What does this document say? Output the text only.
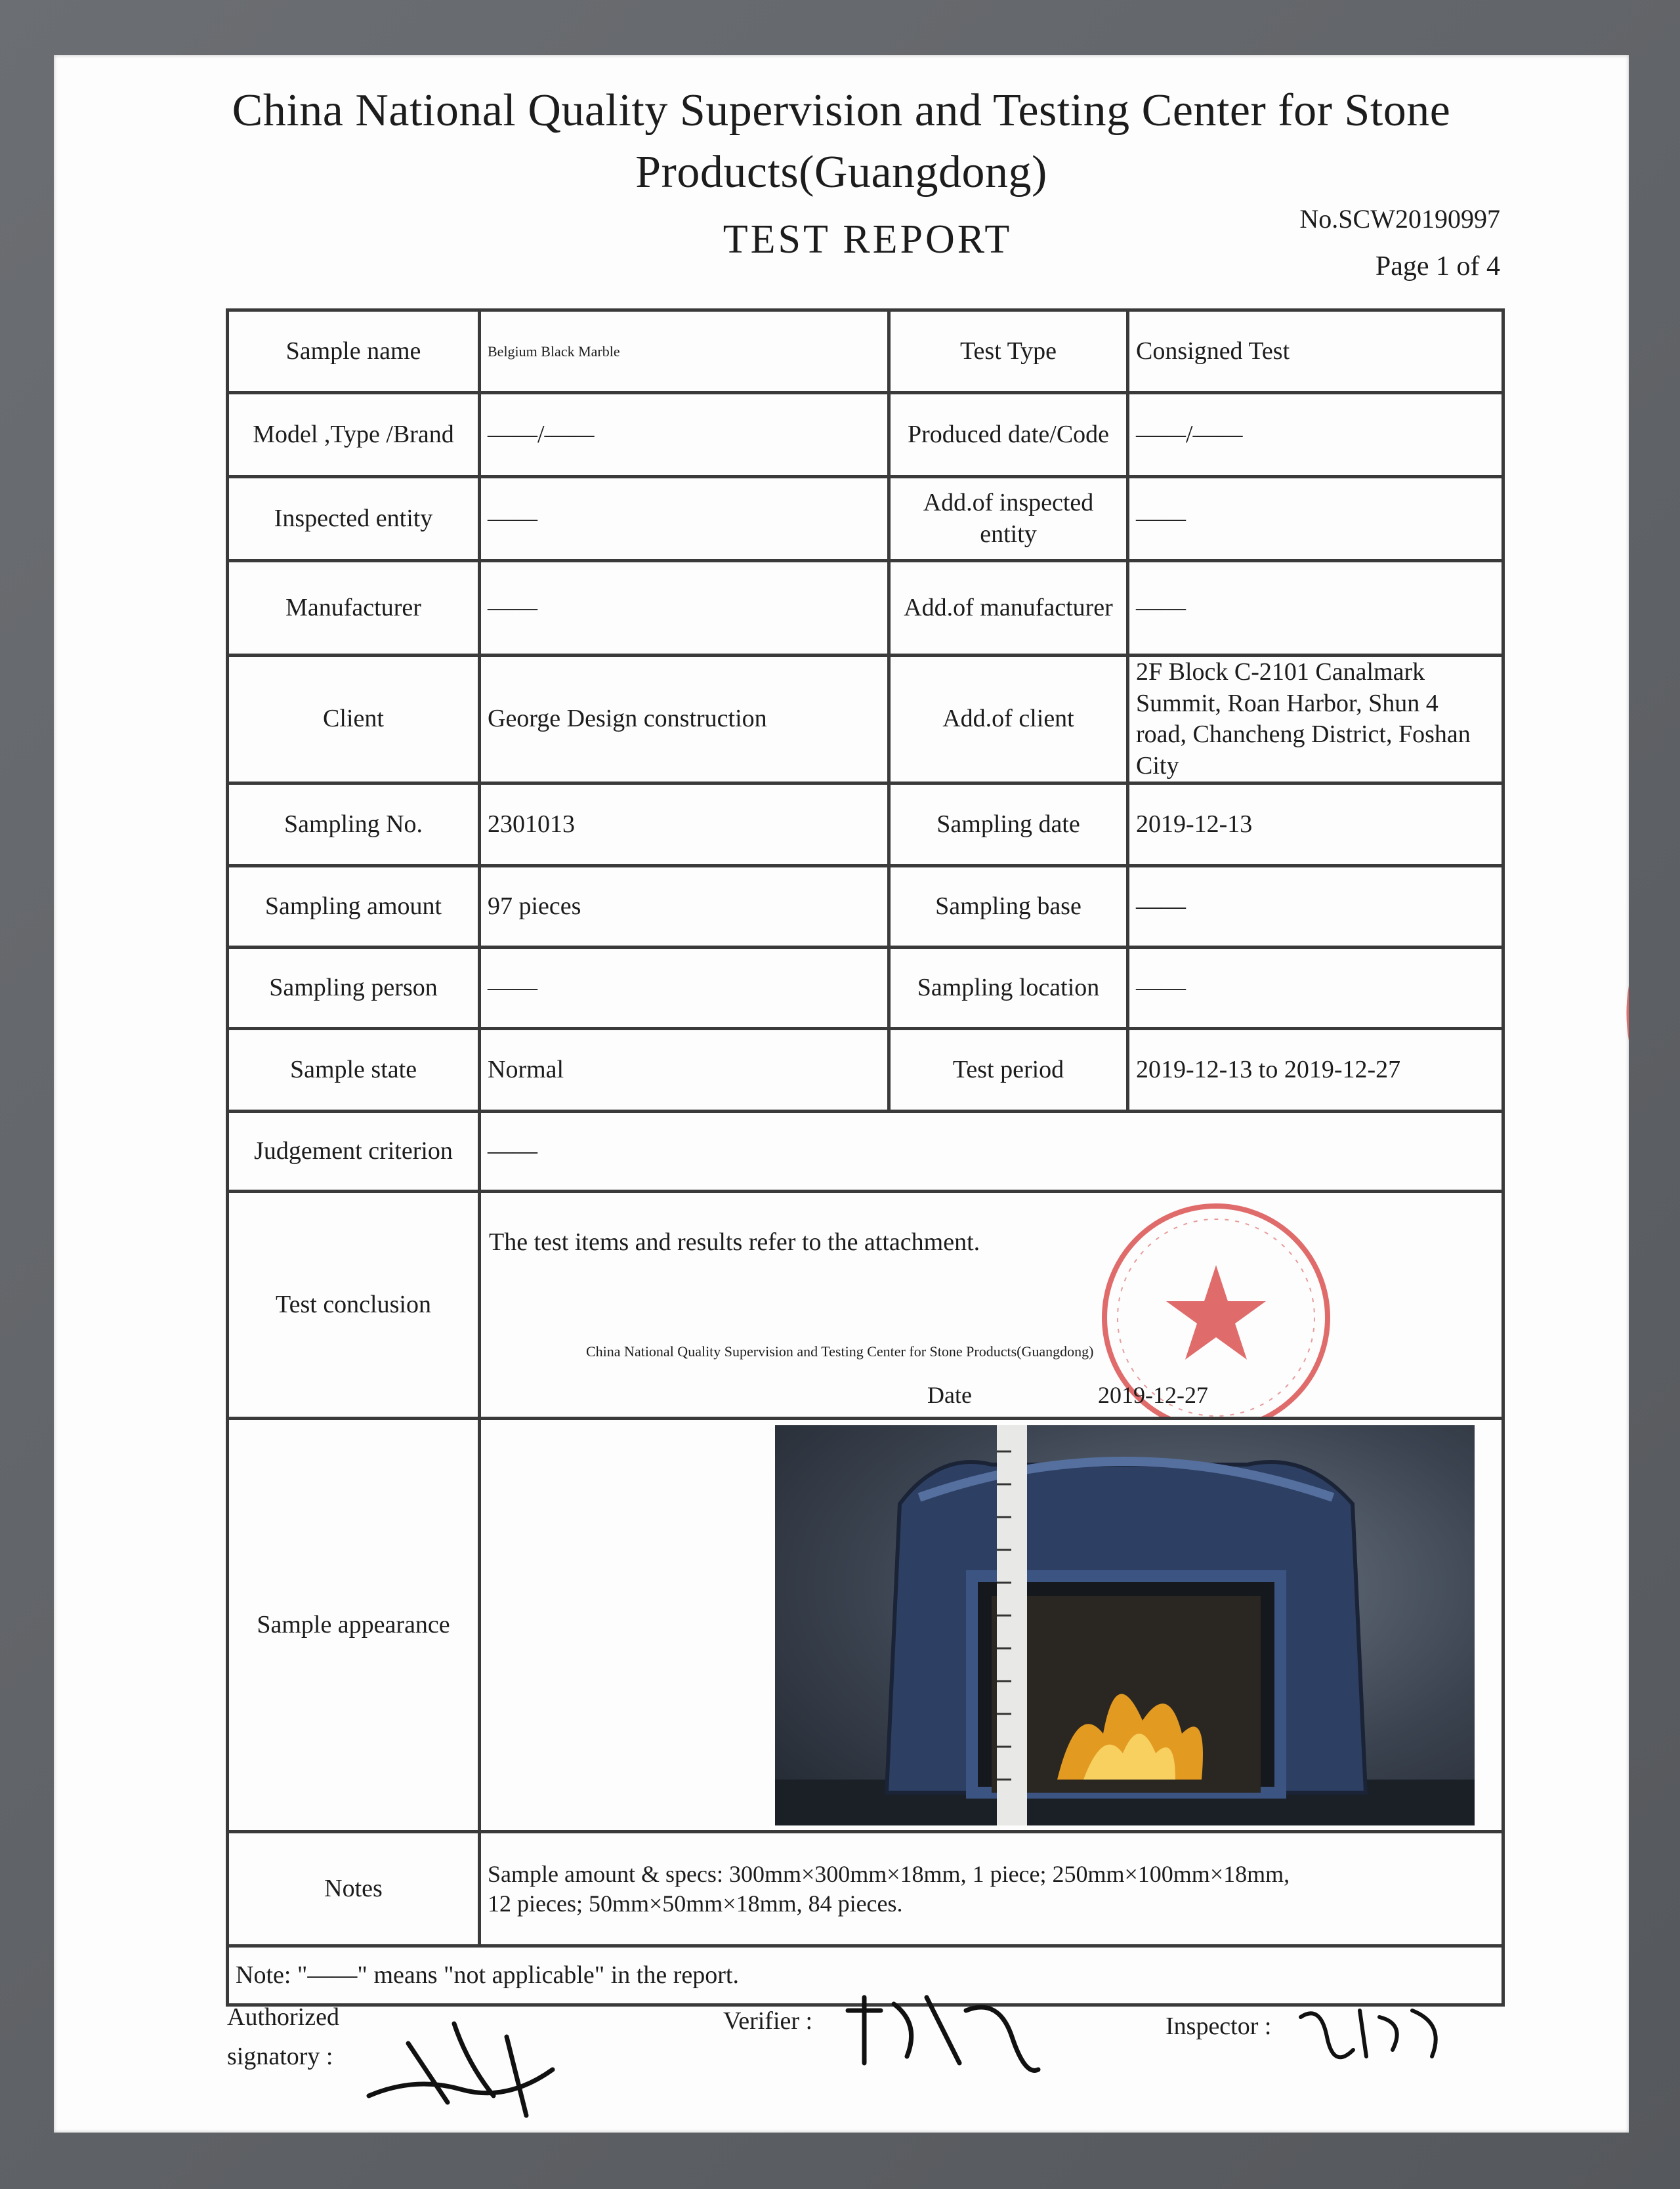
China National Quality Supervision and Testing Center for Stone
Products(Guangdong)
TEST REPORT	No.SCW20190997
Page 1 of 4
Sample name	Belgium Black Marble	Test Type	Consigned Test
Model ,Type /Brand	——/——	Produced date/Code	——/——
Inspected entity	——	Add.of inspected entity	——
Manufacturer	——	Add.of manufacturer	——
Client	George Design construction	Add.of client	2F Block C-2101 Canalmark Summit, Roan Harbor, Shun 4 road, Chancheng District, Foshan City
Sampling No.	2301013	Sampling date	2019-12-13
Sampling amount	97 pieces	Sampling base	——
Sampling person	——	Sampling location	——
Sample state	Normal	Test period	2019-12-13 to 2019-12-27
Judgement criterion	——		
Test conclusion	The test items and results refer to the attachment.
China National Quality Supervision and Testing Center for Stone Products(Guangdong)
Date 2019-12-27		

Sample appearance	

Notes	Sample amount & specs: 300mm×300mm×18mm, 1 piece; 250mm×100mm×18mm,
12 pieces; 50mm×50mm×18mm, 84 pieces.		

Note: "——" means "not applicable" in the report.			
Authorized
signatory :
Verifier :	Inspector :
